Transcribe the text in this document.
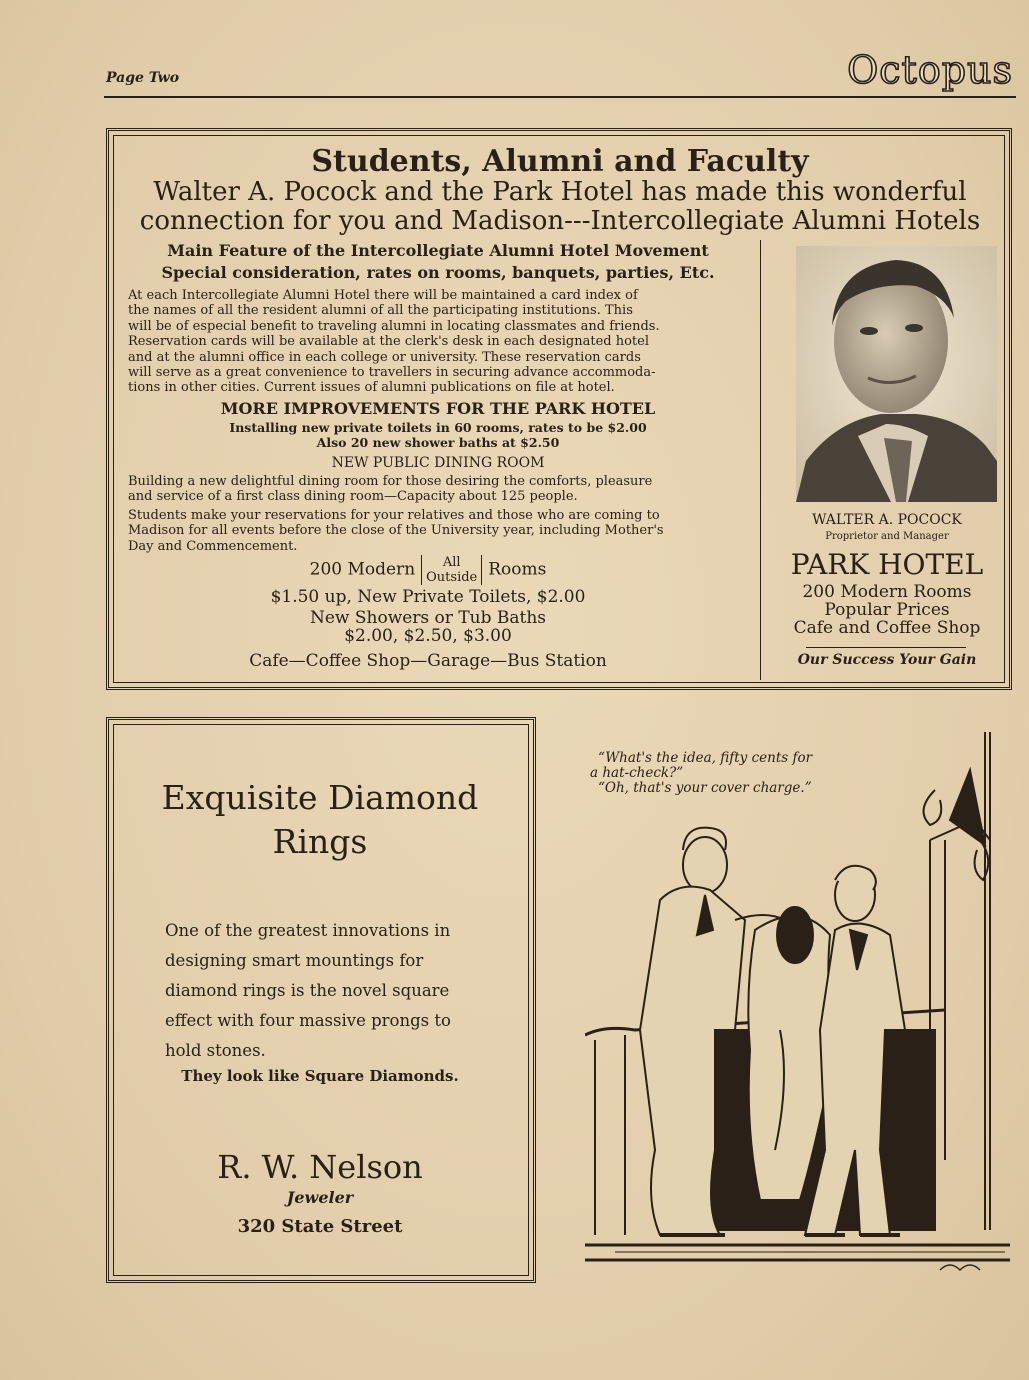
Page Two	Octopus
Students, Alumni and Faculty
Walter A. Pocock and the Park Hotel has made this wonderful
connection for you and Madison---Intercollegiate Alumni Hotels
Main Feature of the Intercollegiate Alumni Hotel Movement
Special consideration, rates on rooms, banquets, parties, Etc.
At each Intercollegiate Alumni Hotel there will be maintained a card index of
the names of all the resident alumni of all the participating institutions. This
will be of especial benefit to traveling alumni in locating classmates and friends.
Reservation cards will be available at the clerk's desk in each designated hotel
and at the alumni office in each college or university. These reservation cards
will serve as a great convenience to travellers in securing advance accommoda-
tions in other cities. Current issues of alumni publications on file at hotel.
MORE IMPROVEMENTS FOR THE PARK HOTEL
Installing new private toilets in 60 rooms, rates to be $2.00
Also 20 new shower baths at $2.50
NEW PUBLIC DINING ROOM
Building a new delightful dining room for those desiring the comforts, pleasure
and service of a first class dining room—Capacity about 125 people.
Students make your reservations for your relatives and those who are coming to
Madison for all events before the close of the University year, including Mother's
Day and Commencement.
200 Modern	All
Outside Rooms
$1.50 up, New Private Toilets, $2.00
New Showers or Tub Baths
$2.00, $2.50, $3.00
Cafe—Coffee Shop—Garage—Bus Station
WALTER A. POCOCK
Proprietor and Manager
PARK HOTEL
200 Modern Rooms
Popular Prices
Cafe and Coffee Shop
Our Success Your Gain
Exquisite Diamond
Rings
One of the greatest innovations in
designing smart mountings for
diamond rings is the novel square
effect with four massive prongs to
hold stones.
They look like Square Diamonds.
R. W. Nelson
Jeweler
320 State Street
“What's the idea, fifty cents for
a hat-check?”
“Oh, that's your cover charge.”
